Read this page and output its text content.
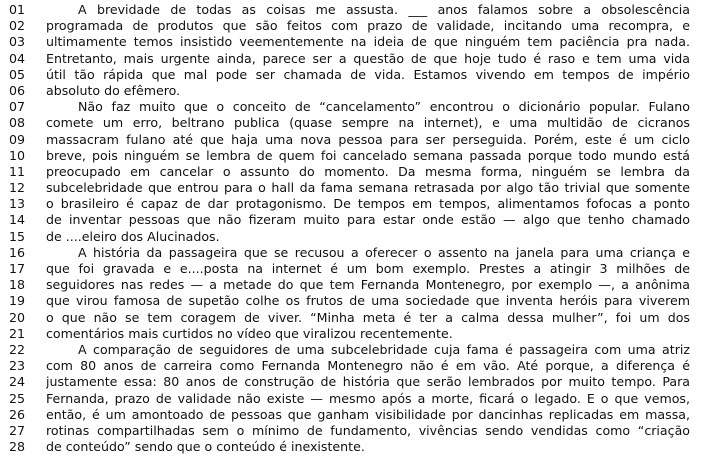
01	A brevidade de todas as coisas me assusta. ___ anos falamos sobre a obsolescência
02	programada de produtos que são feitos com prazo de validade, incitando uma recompra, e
03	ultimamente temos insistido veementemente na ideia de que ninguém tem paciência pra nada.
04	Entretanto, mais urgente ainda, parece ser a questão de que hoje tudo é raso e tem uma vida
05	útil tão rápida que mal pode ser chamada de vida. Estamos vivendo em tempos de império
06	absoluto do efêmero.
07	Não faz muito que o conceito de “cancelamento” encontrou o dicionário popular. Fulano
08	comete um erro, beltrano publica (quase sempre na internet), e uma multidão de cicranos
09	massacram fulano até que haja uma nova pessoa para ser perseguida. Porém, este é um ciclo
10	breve, pois ninguém se lembra de quem foi cancelado semana passada porque todo mundo está
11	preocupado em cancelar o assunto do momento. Da mesma forma, ninguém se lembra da
12	subcelebridade que entrou para o hall da fama semana retrasada por algo tão trivial que somente
13	o brasileiro é capaz de dar protagonismo. De tempos em tempos, alimentamos fofocas a ponto
14	de inventar pessoas que não fizeram muito para estar onde estão — algo que tenho chamado
15	de ....eleiro dos Alucinados.
16	A história da passageira que se recusou a oferecer o assento na janela para uma criança e
17	que foi gravada e e....posta na internet é um bom exemplo. Prestes a atingir 3 milhões de
18	seguidores nas redes — a metade do que tem Fernanda Montenegro, por exemplo —, a anônima
19	que virou famosa de supetão colhe os frutos de uma sociedade que inventa heróis para viverem
20	o que não se tem coragem de viver. “Minha meta é ter a calma dessa mulher”, foi um dos
21	comentários mais curtidos no vídeo que viralizou recentemente.
22	A comparação de seguidores de uma subcelebridade cuja fama é passageira com uma atriz
23	com 80 anos de carreira como Fernanda Montenegro não é em vão. Até porque, a diferença é
24	justamente essa: 80 anos de construção de história que serão lembrados por muito tempo. Para
25	Fernanda, prazo de validade não existe — mesmo após a morte, ficará o legado. E o que vemos,
26	então, é um amontoado de pessoas que ganham visibilidade por dancinhas replicadas em massa,
27	rotinas compartilhadas sem o mínimo de fundamento, vivências sendo vendidas como “criação
28	de conteúdo” sendo que o conteúdo é inexistente.
